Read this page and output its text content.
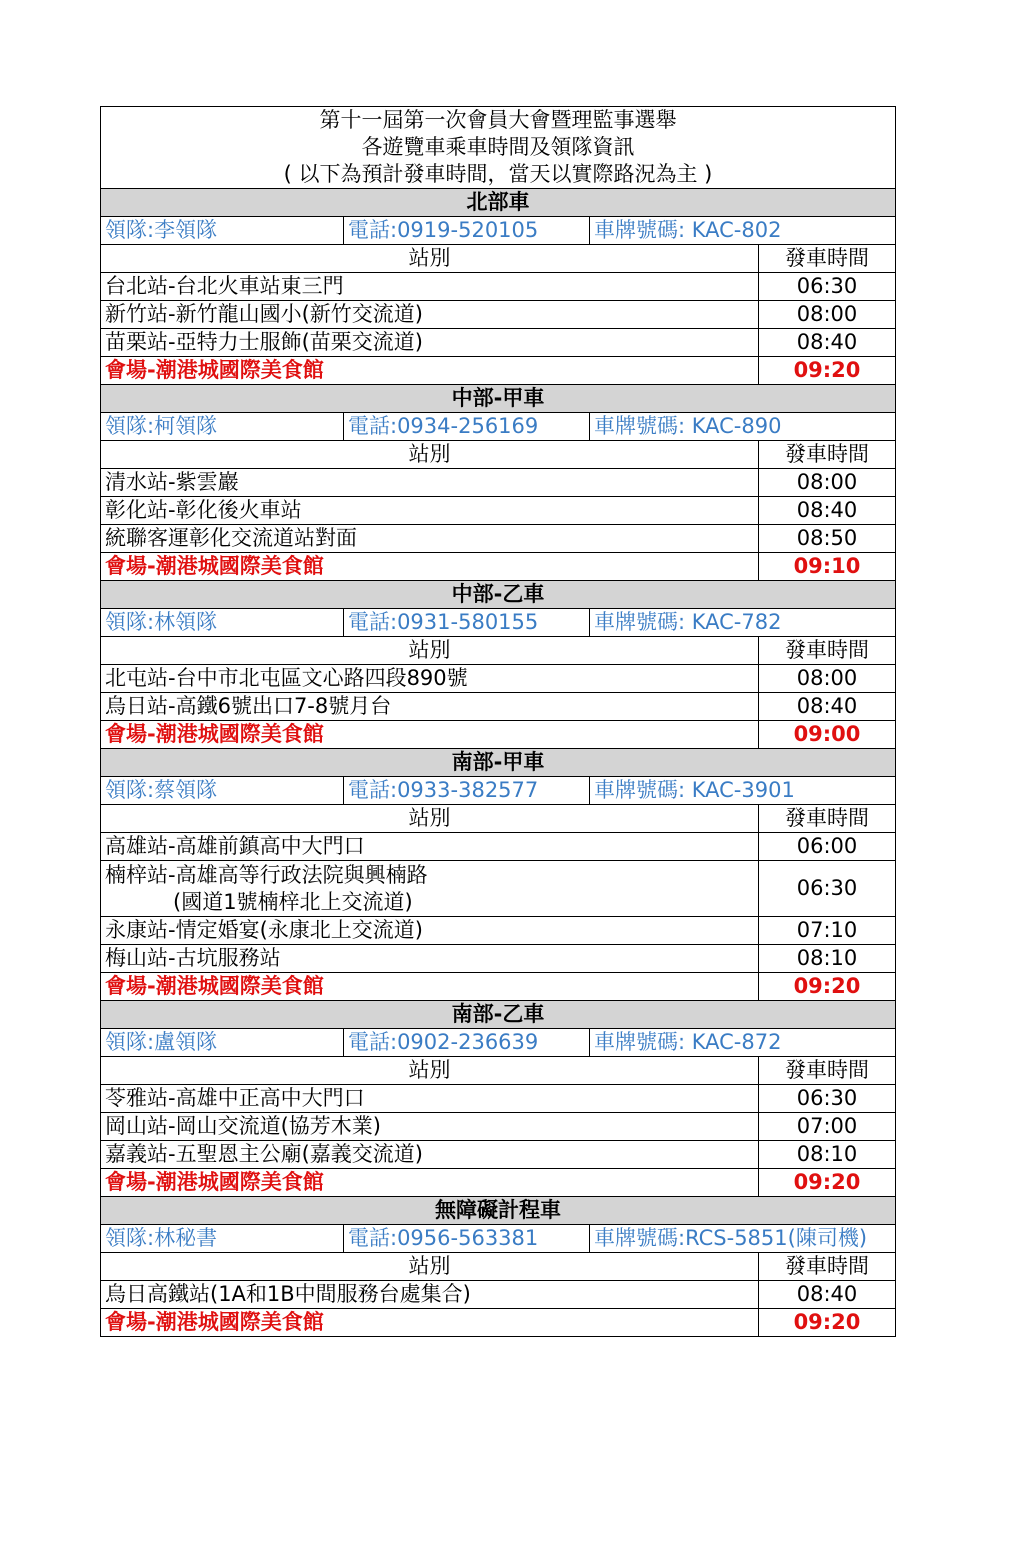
第十一屆第一次會員大會暨理監事選舉			
各遊覽車乘車時間及領隊資訊			
( 以下為預計發車時間，當天以實際路況為主 )			
北部車			
領隊:李領隊	電話:0919-520105	車牌號碼: KAC-802	
站別			發車時間
台北站-台北火車站東三門			06:30
新竹站-新竹龍山國小(新竹交流道)			08:00
苗栗站-亞特力士服飾(苗栗交流道)			08:40
會場-潮港城國際美食館			09:20
中部-甲車			
領隊:柯領隊	電話:0934-256169	車牌號碼: KAC-890	
站別			發車時間
清水站-紫雲巖			08:00
彰化站-彰化後火車站			08:40
統聯客運彰化交流道站對面			08:50
會場-潮港城國際美食館			09:10
中部-乙車			
領隊:林領隊	電話:0931-580155	車牌號碼: KAC-782	
站別			發車時間
北屯站-台中市北屯區文心路四段890號			08:00
烏日站-高鐵6號出口7-8號月台			08:40
會場-潮港城國際美食館			09:00
南部-甲車			
領隊:蔡領隊	電話:0933-382577	車牌號碼: KAC-3901	
站別			發車時間
高雄站-高雄前鎮高中大門口			06:00
楠梓站-高雄高等行政法院與興楠路
(國道1號楠梓北上交流道)			06:30
永康站-情定婚宴(永康北上交流道)			07:10
梅山站-古坑服務站			08:10
會場-潮港城國際美食館			09:20
南部-乙車			
領隊:盧領隊	電話:0902-236639	車牌號碼: KAC-872	
站別			發車時間
苓雅站-高雄中正高中大門口			06:30
岡山站-岡山交流道(協芳木業)			07:00
嘉義站-五聖恩主公廟(嘉義交流道)			08:10
會場-潮港城國際美食館			09:20
無障礙計程車			
領隊:林秘書	電話:0956-563381	車牌號碼:RCS-5851(陳司機)	
站別			發車時間
烏日高鐵站(1A和1B中間服務台處集合)			08:40
會場-潮港城國際美食館			09:20
